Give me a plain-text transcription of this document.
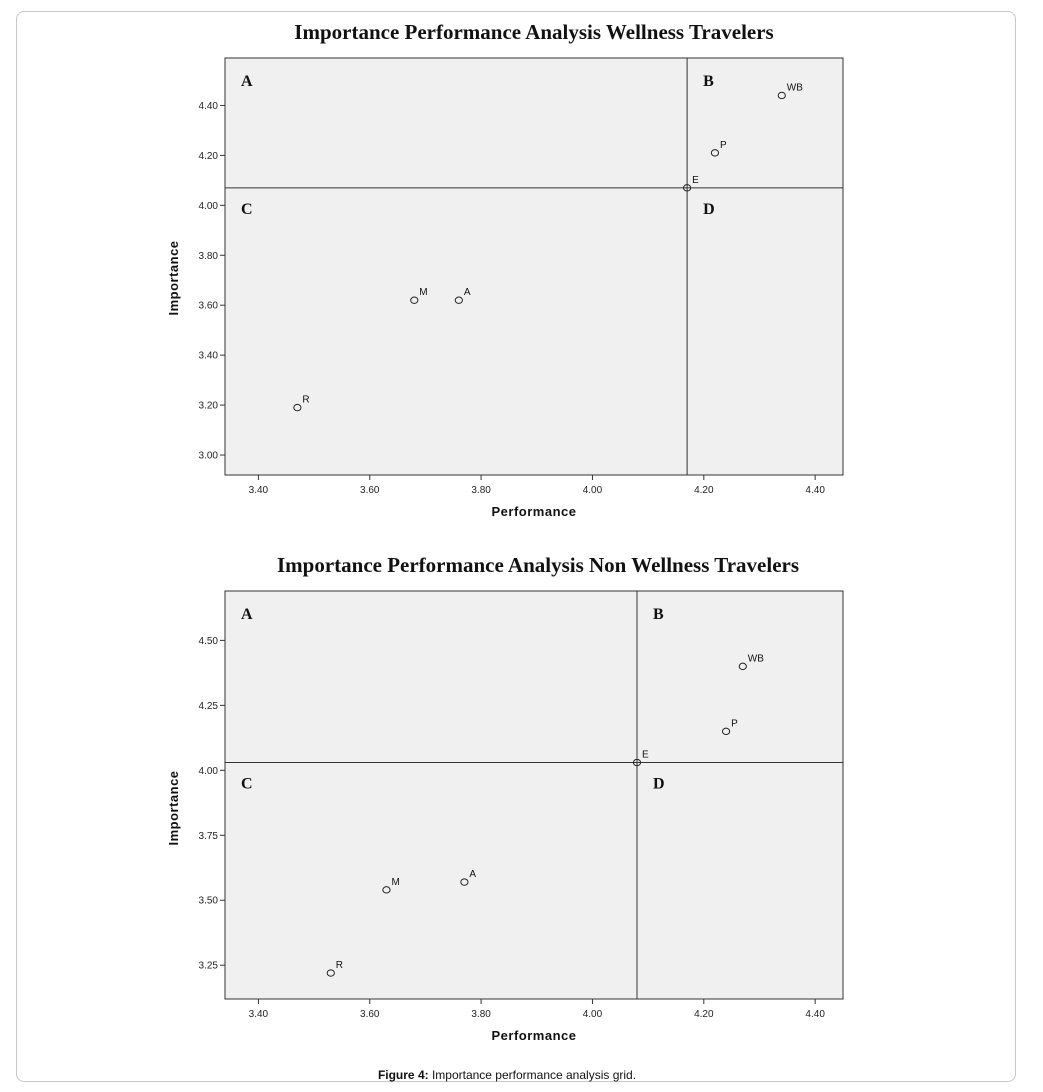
Importance Performance Analysis Wellness Travelers
Performance
Importance
3.40	3.60	3.80	4.00	4.20	4.40
3.00
3.20
3.40
3.60
3.80
4.00
4.20
4.40
A	B
C	D
WB
P
E
M	A
R
Importance Performance Analysis Non Wellness Travelers
Performance
Importance
3.40	3.60	3.80	4.00	4.20	4.40
3.25
3.50
3.75
4.00
4.25
4.50
A	B
C	D
WB
P
E
M
A
R
Figure 4: Importance performance analysis grid.
